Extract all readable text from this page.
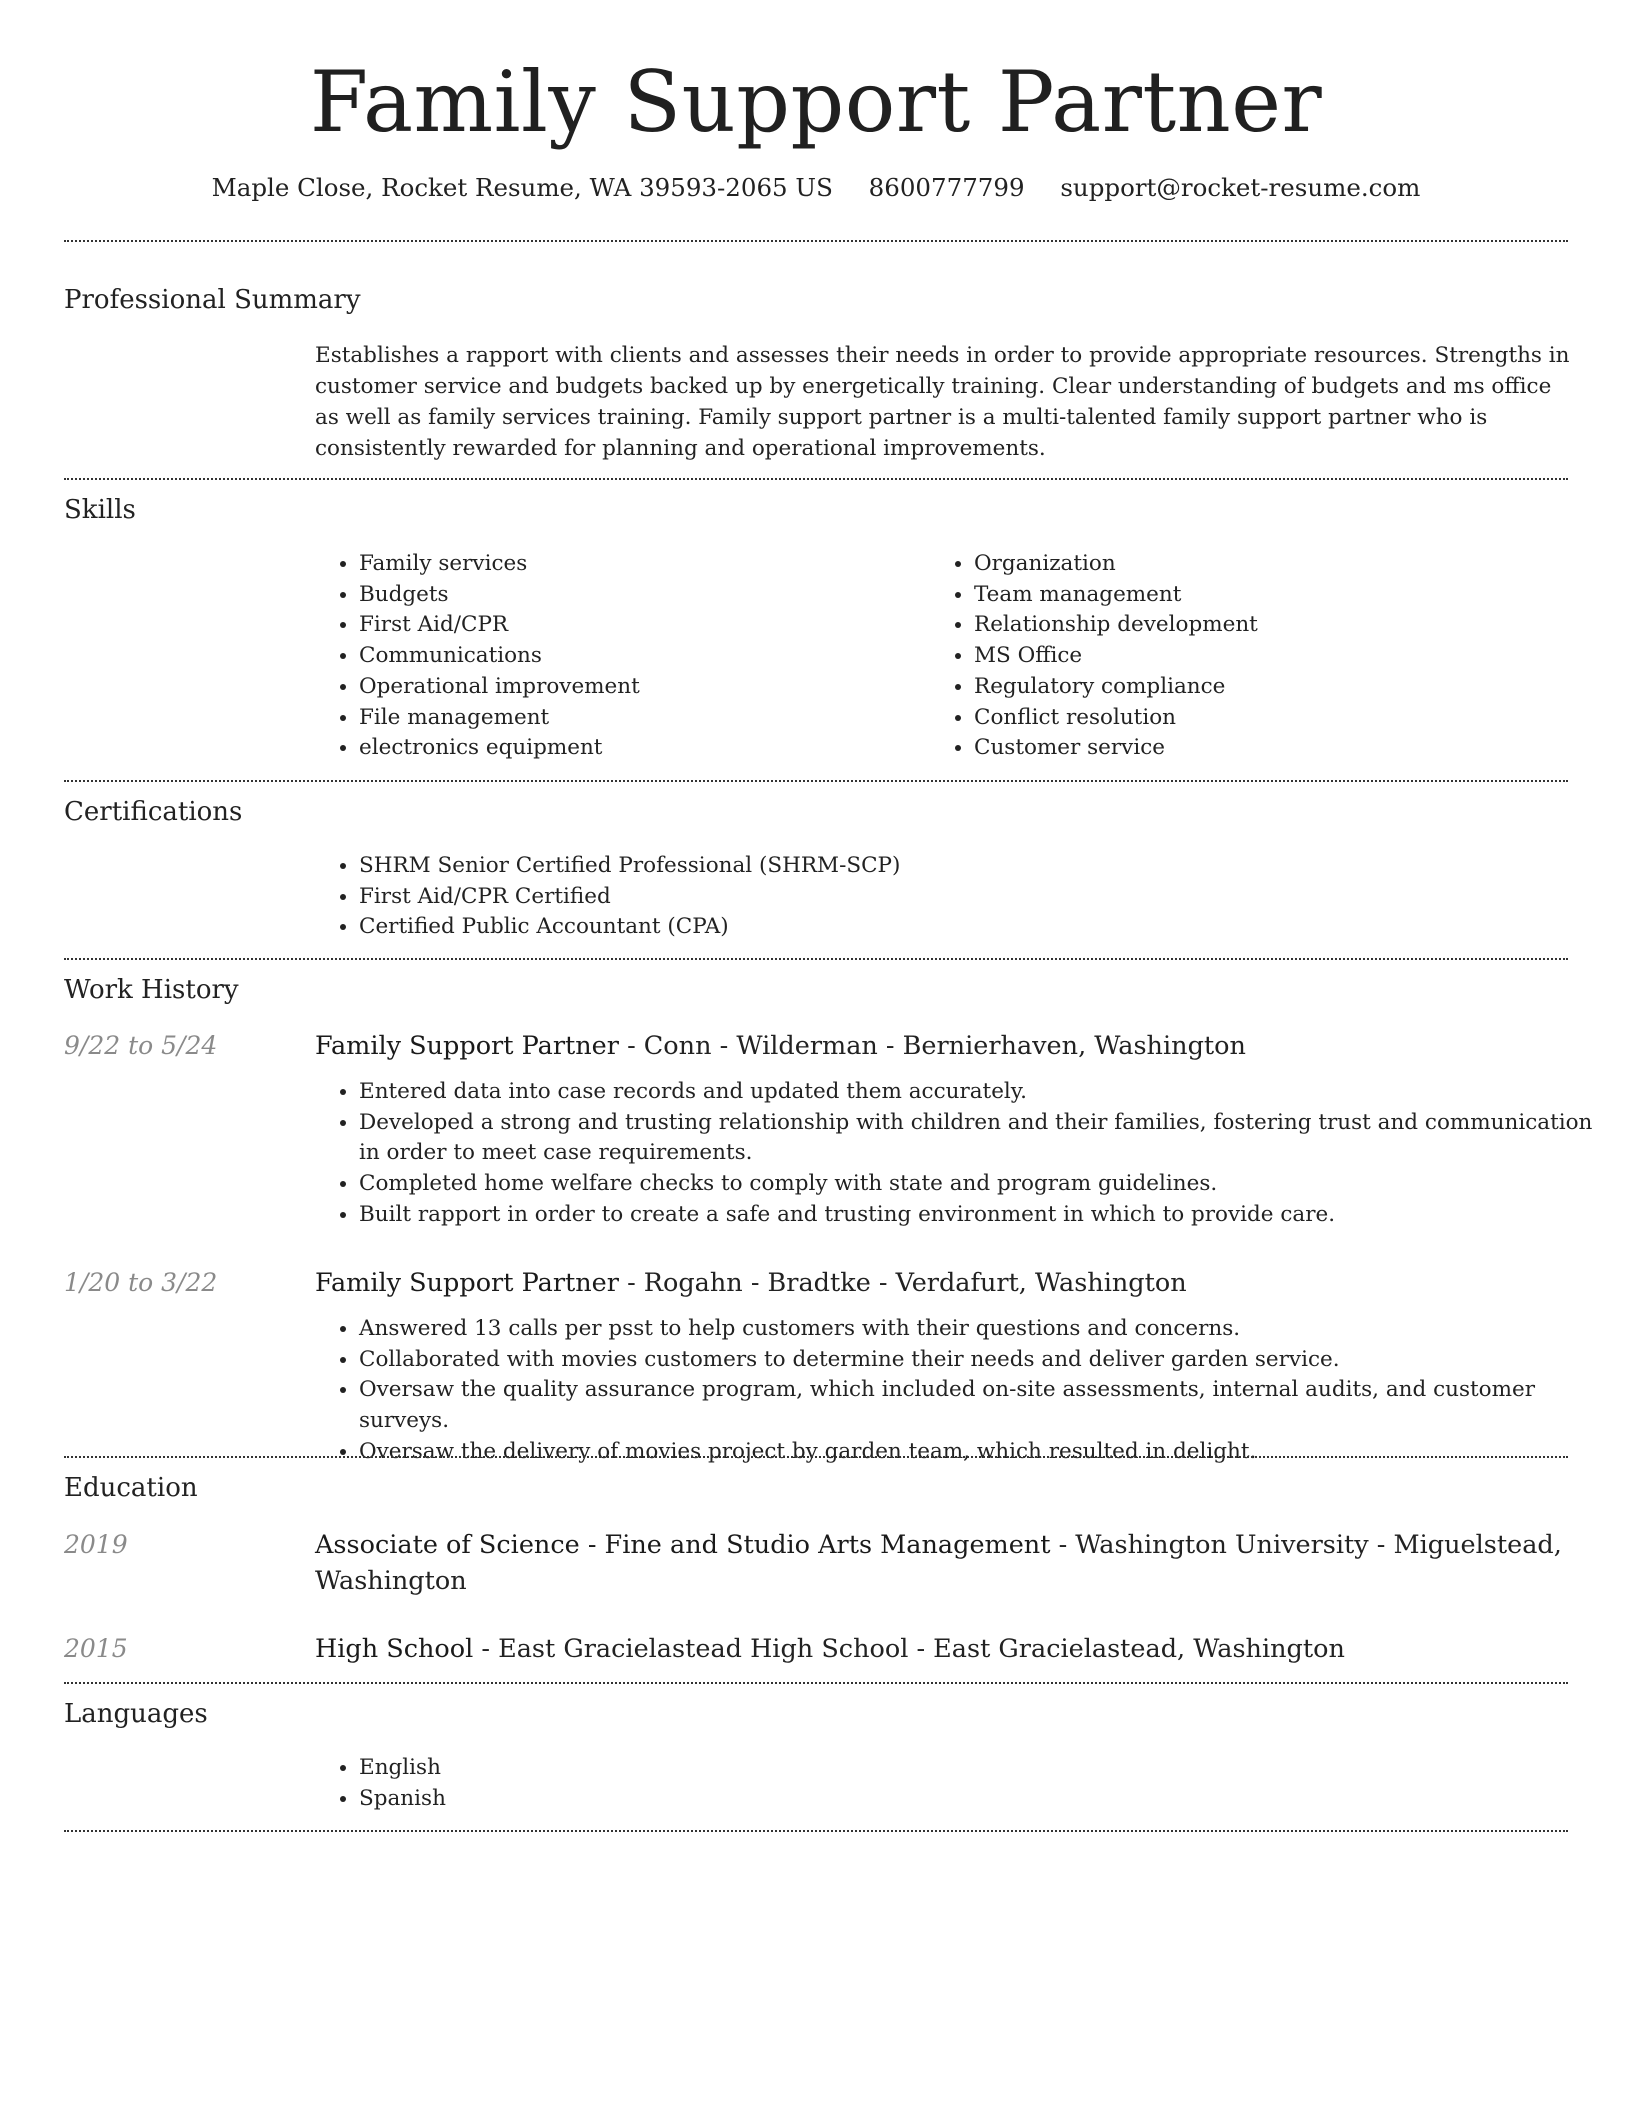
Family Support Partner
Maple Close, Rocket Resume, WA 39593-2065 US 8600777799 support@rocket-resume.com
Professional Summary

Establishes a rapport with clients and assesses their needs in order to provide appropriate resources. Strengths in customer service and budgets backed up by energetically training. Clear understanding of budgets and ms office as well as family services training. Family support partner is a multi-talented family support partner who is consistently rewarded for planning and operational improvements.

Skills
• Family services
• Budgets
• First Aid/CPR
• Communications
• Operational improvement
• File management
• electronics equipment
• Organization
• Team management
• Relationship development
• MS Office
• Regulatory compliance
• Conflict resolution
• Customer service
Certifications
• SHRM Senior Certified Professional (SHRM-SCP)
• First Aid/CPR Certified
• Certified Public Accountant (CPA)
Work History
9/22 to 5/24	Family Support Partner - Conn - Wilderman - Bernierhaven, Washington
• Entered data into case records and updated them accurately.
• Developed a strong and trusting relationship with children and their families, fostering trust and communication in order to meet case requirements.
• Completed home welfare checks to comply with state and program guidelines.
• Built rapport in order to create a safe and trusting environment in which to provide care.
1/20 to 3/22	Family Support Partner - Rogahn - Bradtke - Verdafurt, Washington
• Answered 13 calls per psst to help customers with their questions and concerns.
• Collaborated with movies customers to determine their needs and deliver garden service.
• Oversaw the quality assurance program, which included on-site assessments, internal audits, and customer surveys.
• Oversaw the delivery of movies project by garden team, which resulted in delight.
Education
2019	Associate of Science - Fine and Studio Arts Management - Washington University - Miguelstead, Washington
2015	High School - East Gracielastead High School - East Gracielastead, Washington
Languages
• English
• Spanish
